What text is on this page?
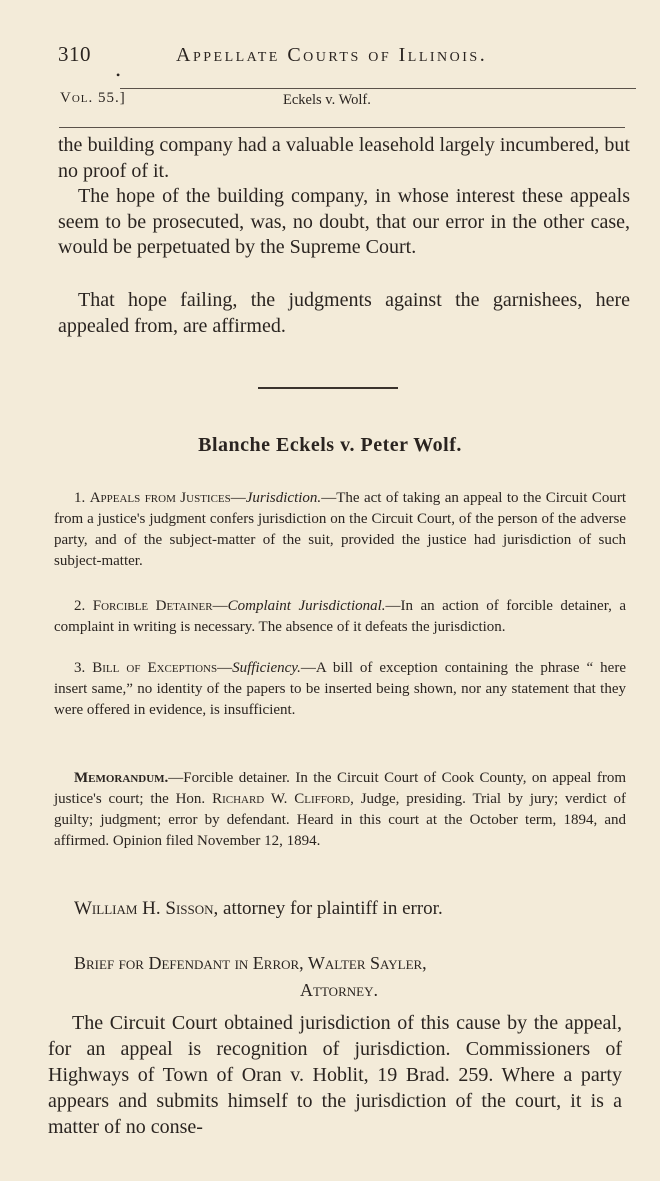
310	Appellate Courts of Illinois.
•
Vol. 55.]	Eckels v. Wolf.
the building company had a valuable leasehold largely incumbered, but no proof of it.
The hope of the building company, in whose interest these appeals seem to be prosecuted, was, no doubt, that our error in the other case, would be perpetuated by the Supreme Court.
That hope failing, the judgments against the garnishees, here appealed from, are affirmed.
Blanche Eckels v. Peter Wolf.
1. Appeals from Justices—Jurisdiction.—The act of taking an appeal to the Circuit Court from a justice's judgment confers jurisdiction on the Circuit Court, of the person of the adverse party, and of the subject-matter of the suit, provided the justice had jurisdiction of such subject-matter.
2. Forcible Detainer—Complaint Jurisdictional.—In an action of forcible detainer, a complaint in writing is necessary. The absence of it defeats the jurisdiction.
3. Bill of Exceptions—Sufficiency.—A bill of exception containing the phrase “ here insert same,” no identity of the papers to be inserted being shown, nor any statement that they were offered in evidence, is insufficient.
Memorandum.—Forcible detainer. In the Circuit Court of Cook County, on appeal from justice's court; the Hon. Richard W. Clifford, Judge, presiding. Trial by jury; verdict of guilty; judgment; error by defendant. Heard in this court at the October term, 1894, and affirmed. Opinion filed November 12, 1894.
William H. Sisson, attorney for plaintiff in error.
Brief for Defendant in Error, Walter Sayler,
Attorney.
The Circuit Court obtained jurisdiction of this cause by the appeal, for an appeal is recognition of jurisdiction. Commissioners of Highways of Town of Oran v. Hoblit, 19 Brad. 259. Where a party appears and submits himself to the jurisdiction of the court, it is a matter of no conse-
